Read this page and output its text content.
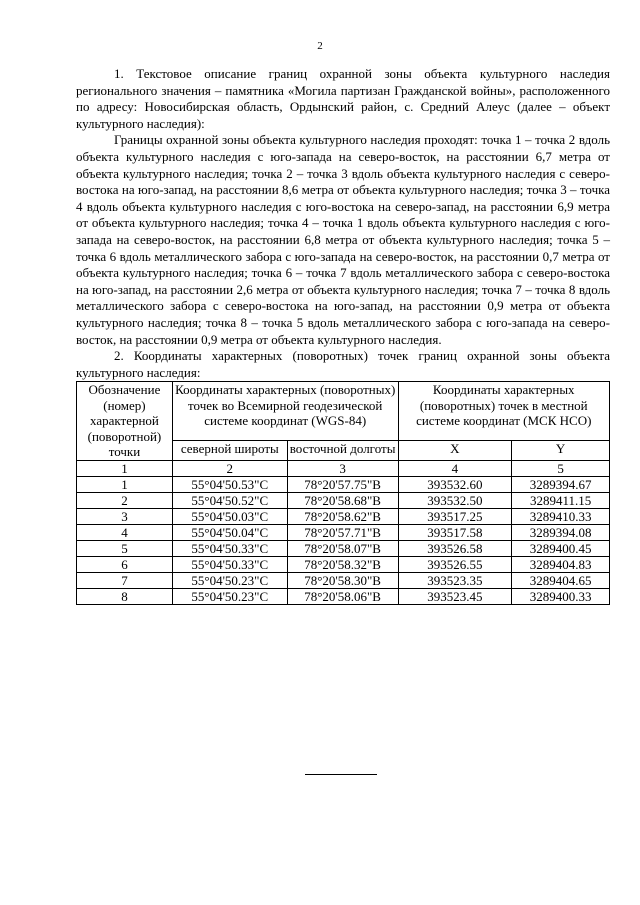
2

1. Текстовое описание границ охранной зоны объекта культурного наследия регионального значения – памятника «Могила партизан Гражданской войны», расположенного по адресу: Новосибирская область, Ордынский район, с. Средний Алеус (далее – объект культурного наследия):

Границы охранной зоны объекта культурного наследия проходят: точка 1 – точка 2 вдоль объекта культурного наследия с юго-запада на северо-восток, на расстоянии 6,7 метра от объекта культурного наследия; точка 2 – точка 3 вдоль объекта культурного наследия с северо-востока на юго-запад, на расстоянии 8,6 метра от объекта культурного наследия; точка 3 – точка 4 вдоль объекта культурного наследия с юго-востока на северо-запад, на расстоянии 6,9 метра от объекта культурного наследия; точка 4 – точка 1 вдоль объекта культурного наследия с юго-запада на северо-восток, на расстоянии 6,8 метра от объекта культурного наследия; точка 5 – точка 6 вдоль металлического забора с юго-запада на северо-восток, на расстоянии 0,7 метра от объекта культурного наследия; точка 6 – точка 7 вдоль металлического забора с северо-востока на юго-запад, на расстоянии 2,6 метра от объекта культурного наследия; точка 7 – точка 8 вдоль металлического забора с северо-востока на юго-запад, на расстоянии 0,9 метра от объекта культурного наследия; точка 8 – точка 5 вдоль металлического забора с юго-запада на северо-восток, на расстоянии 0,9 метра от объекта культурного наследия.

2. Координаты характерных (поворотных) точек границ охранной зоны объекта культурного наследия:

Обозначение (номер) характерной (поворотной) точки	Координаты характерных (поворотных) точек во Всемирной геодезической системе координат (WGS-84)		Координаты характерных (поворотных) точек в местной системе координат (МСК НСО)	
	северной широты	восточной долготы	X	Y
1	2	3	4	5
1	55°04'50.53"С	78°20'57.75"В	393532.60	3289394.67
2	55°04'50.52"С	78°20'58.68"В	393532.50	3289411.15
3	55°04'50.03"С	78°20'58.62"В	393517.25	3289410.33
4	55°04'50.04"С	78°20'57.71"В	393517.58	3289394.08
5	55°04'50.33"С	78°20'58.07"В	393526.58	3289400.45
6	55°04'50.33"С	78°20'58.32"В	393526.55	3289404.83
7	55°04'50.23"С	78°20'58.30"В	393523.35	3289404.65
8	55°04'50.23"С	78°20'58.06"В	393523.45	3289400.33
